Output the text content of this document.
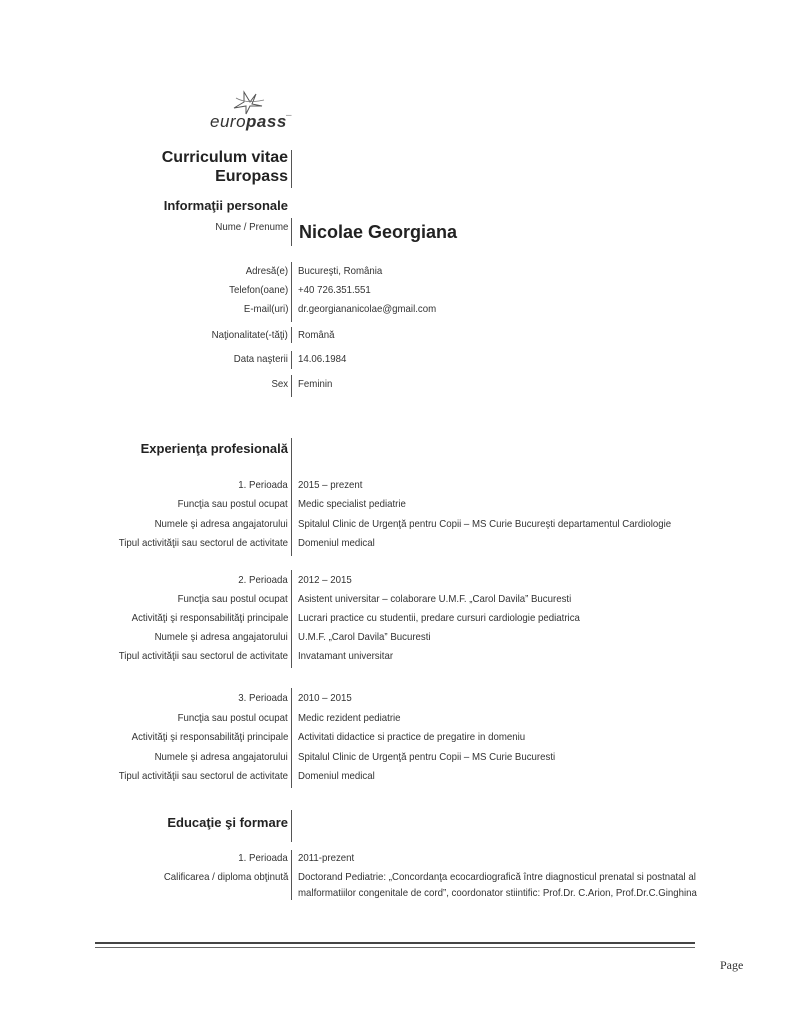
europass –
Curriculum vitae
Europass
Informaţii personale
Nume / Prenume Nicolae Georgiana
Adresă(e) Bucureşti, România
Telefon(oane) +40 726.351.551
E-mail(uri) dr.georgiananicolae@gmail.com
Naţionalitate(-tăţi) Română
Data naşterii 14.06.1984
Sex Feminin
Experienţa profesională
1. Perioada 2015 – prezent
Funcţia sau postul ocupat Medic specialist pediatrie
Numele şi adresa angajatorului Spitalul Clinic de Urgenţă pentru Copii – MS Curie Bucureşti departamentul Cardiologie
Tipul activităţii sau sectorul de activitate Domeniul medical
2. Perioada 2012 – 2015
Funcţia sau postul ocupat Asistent universitar – colaborare U.M.F. „Carol Davila” Bucuresti
Activităţi şi responsabilităţi principale Lucrari practice cu studentii, predare cursuri cardiologie pediatrica
Numele şi adresa angajatorului U.M.F. „Carol Davila” Bucuresti
Tipul activităţii sau sectorul de activitate Invatamant universitar
3. Perioada 2010 – 2015
Funcţia sau postul ocupat Medic rezident pediatrie
Activităţi şi responsabilităţi principale Activitati didactice si practice de pregatire in domeniu
Numele şi adresa angajatorului Spitalul Clinic de Urgenţă pentru Copii – MS Curie Bucuresti
Tipul activităţii sau sectorul de activitate Domeniul medical
Educaţie şi formare
1. Perioada 2011-prezent
Calificarea / diploma obţinută Doctorand Pediatrie: „Concordanţa ecocardiografică între diagnosticul prenatal si postnatal al
malformatiilor congenitale de cord”, coordonator stiintific: Prof.Dr. C.Arion, Prof.Dr.C.Ginghina
Page
